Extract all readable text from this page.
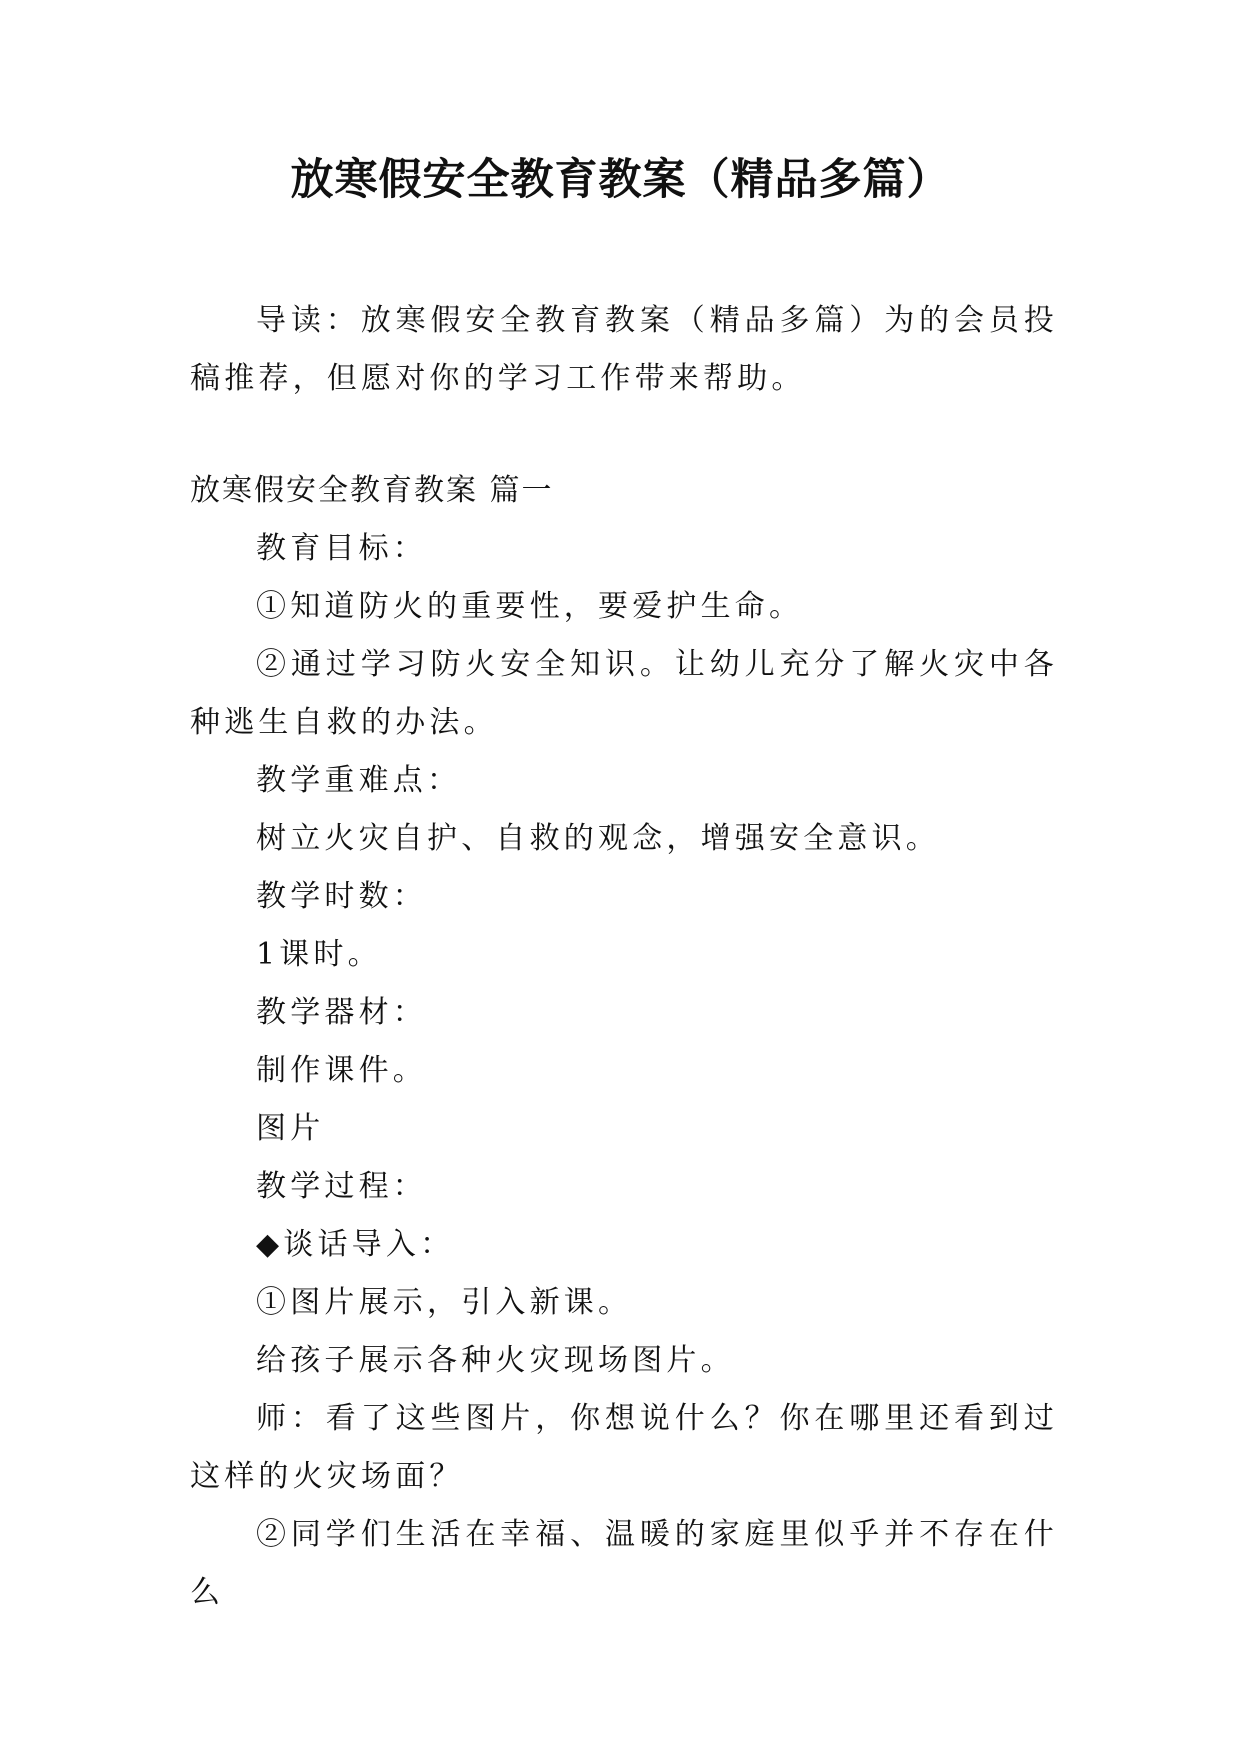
放寒假安全教育教案（精品多篇）
导读：放寒假安全教育教案（精品多篇）为的会员投稿推荐，但愿对你的学习工作带来帮助。
放寒假安全教育教案 篇一

教育目标：

①知道防火的重要性，要爱护生命。

②通过学习防火安全知识。让幼儿充分了解火灾中各种逃生自救的办法。

教学重难点：

树立火灾自护、自救的观念，增强安全意识。

教学时数：

1课时。

教学器材：

制作课件。

图片

教学过程：

◆谈话导入：

①图片展示，引入新课。

给孩子展示各种火灾现场图片。

师：看了这些图片，你想说什么？你在哪里还看到过这样的火灾场面？

②同学们生活在幸福、温暖的家庭里似乎并不存在什么
